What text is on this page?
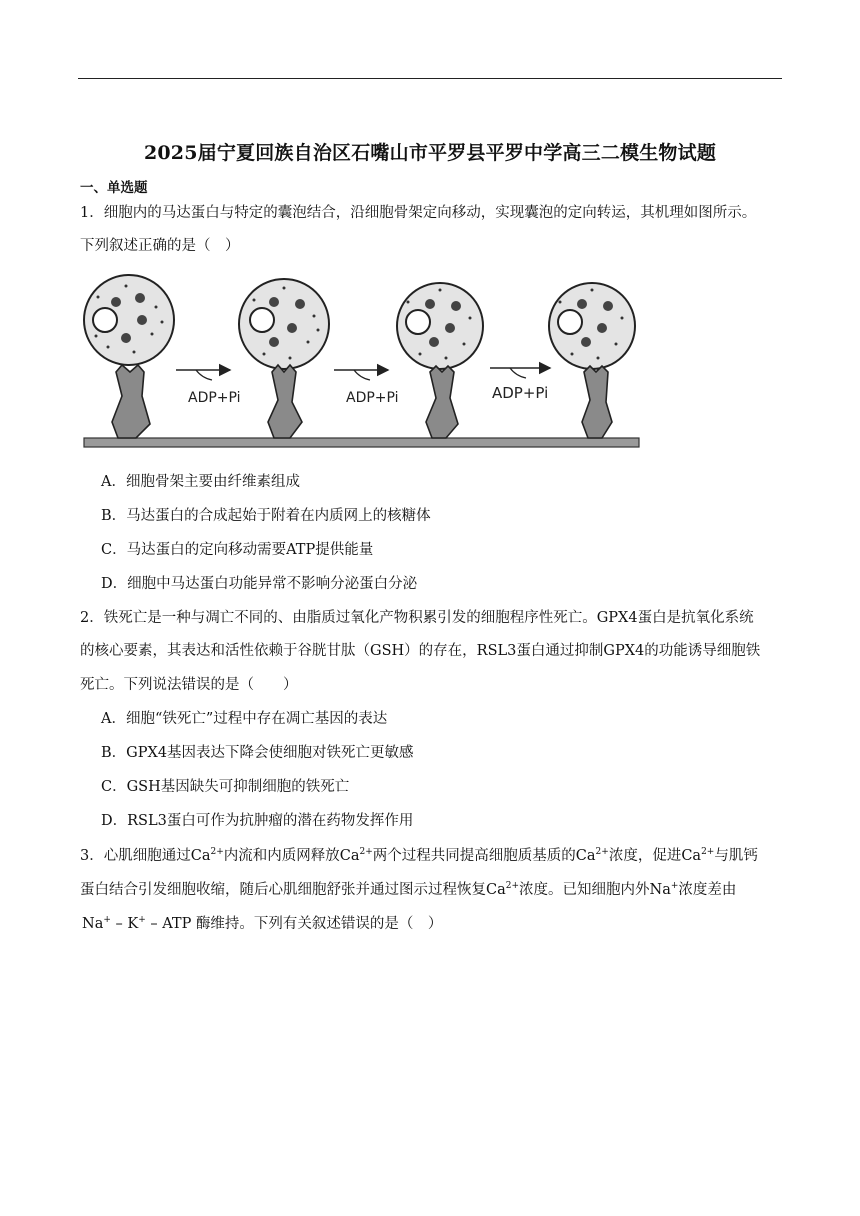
2025届宁夏回族自治区石嘴山市平罗县平罗中学高三二模生物试题
一、单选题
1．细胞内的马达蛋白与特定的囊泡结合，沿细胞骨架定向移动，实现囊泡的定向转运，其机理如图所示。
下列叙述正确的是（　）
ADP+Pi	ADP+Pi	ADP+Pi
A．细胞骨架主要由纤维素组成
B．马达蛋白的合成起始于附着在内质网上的核糖体
C．马达蛋白的定向移动需要ATP提供能量
D．细胞中马达蛋白功能异常不影响分泌蛋白分泌
2．铁死亡是一种与凋亡不同的、由脂质过氧化产物积累引发的细胞程序性死亡。GPX4蛋白是抗氧化系统
的核心要素，其表达和活性依赖于谷胱甘肽（GSH）的存在，RSL3蛋白通过抑制GPX4的功能诱导细胞铁
死亡。下列说法错误的是（　　）
A．细胞“铁死亡”过程中存在凋亡基因的表达
B．GPX4基因表达下降会使细胞对铁死亡更敏感
C．GSH基因缺失可抑制细胞的铁死亡
D．RSL3蛋白可作为抗肿瘤的潜在药物发挥作用
3．心肌细胞通过$Ca^{2+}$内流和内质网释放$Ca^{2+}$两个过程共同提高细胞质基质的$Ca^{2+}$浓度，促进$Ca^{2+}$与肌钙
蛋白结合引发细胞收缩，随后心肌细胞舒张并通过图示过程恢复$Ca^{2+}$浓度。已知细胞内外Na+浓度差由
Na+ – K+ – ATP 酶维持。下列有关叙述错误的是（　）
